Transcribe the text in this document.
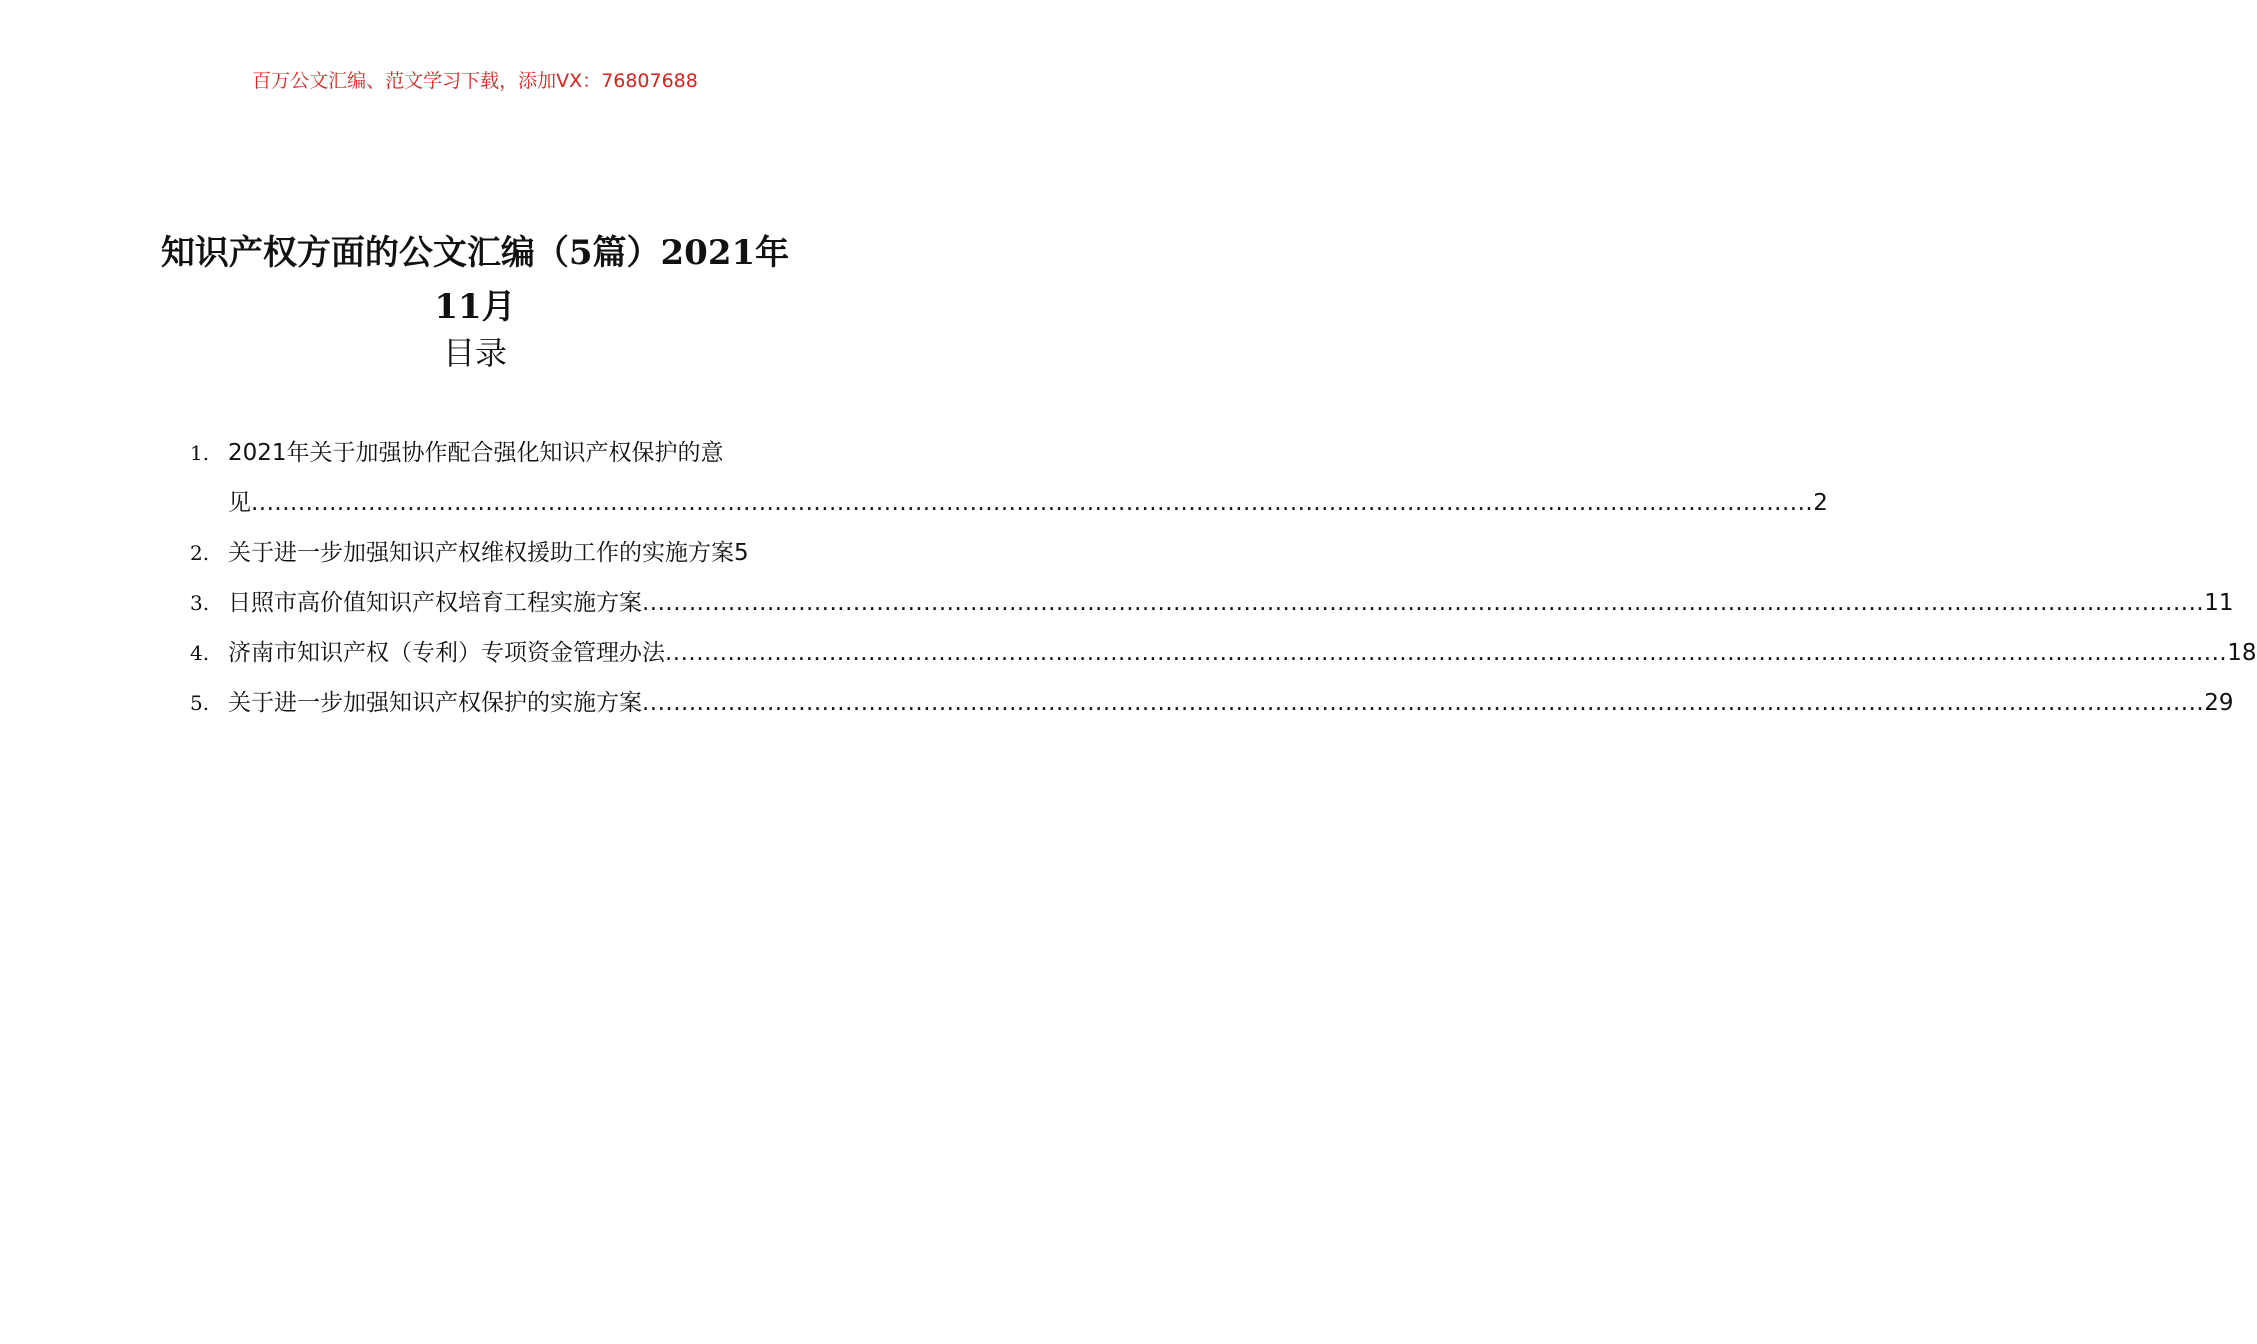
百万公文汇编、范文学习下载，添加VX：76807688
知识产权方面的公文汇编（5篇）2021年
11月
目录
1. 2021年关于加强协作配合强化知识产权保护的意
见 ........................................................................................................................................................................................................ 2
2. 关于进一步加强知识产权维权援助工作的实施方案 5
3. 日照市高价值知识产权培育工程实施方案 ........................................................................................................................................................................................................ 11
4. 济南市知识产权（专利）专项资金管理办法 ........................................................................................................................................................................................................ 18
5. 关于进一步加强知识产权保护的实施方案 ........................................................................................................................................................................................................ 29
